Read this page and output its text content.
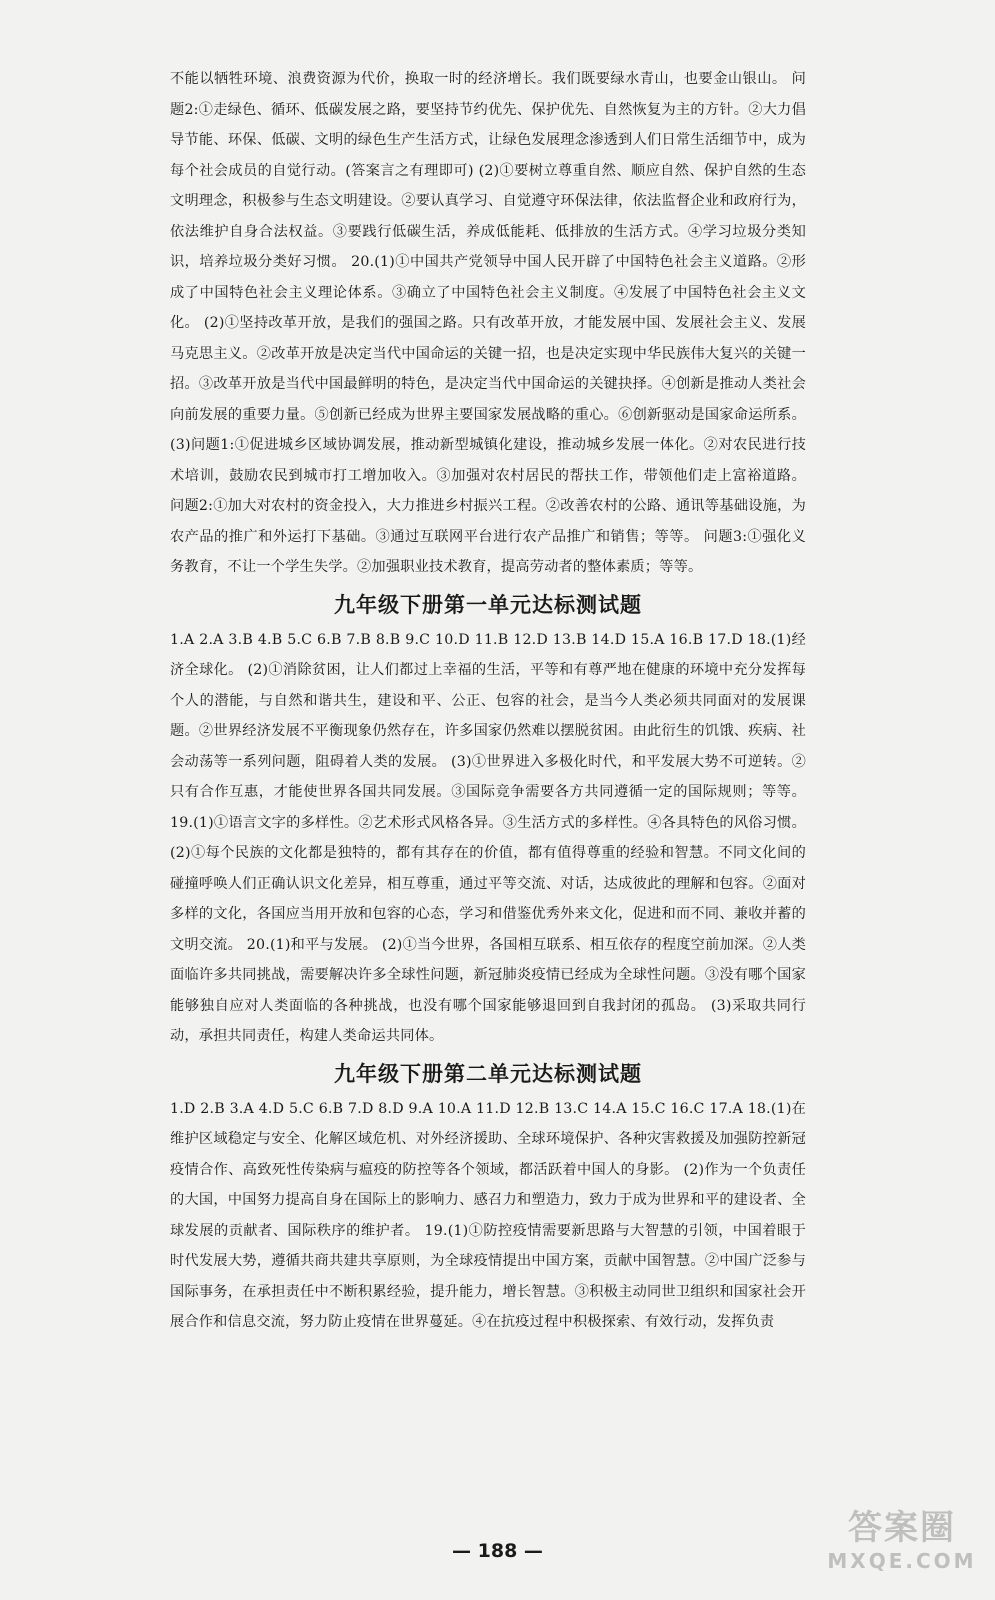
不能以牺牲环境、浪费资源为代价，换取一时的经济增长。我们既要绿水青山，也要金山银山。 问题2:①走绿色、循环、低碳发展之路，要坚持节约优先、保护优先、自然恢复为主的方针。②大力倡导节能、环保、低碳、文明的绿色生产生活方式，让绿色发展理念渗透到人们日常生活细节中，成为每个社会成员的自觉行动。(答案言之有理即可) (2)①要树立尊重自然、顺应自然、保护自然的生态文明理念，积极参与生态文明建设。②要认真学习、自觉遵守环保法律，依法监督企业和政府行为，依法维护自身合法权益。③要践行低碳生活，养成低能耗、低排放的生活方式。④学习垃圾分类知识，培养垃圾分类好习惯。 20.(1)①中国共产党领导中国人民开辟了中国特色社会主义道路。②形成了中国特色社会主义理论体系。③确立了中国特色社会主义制度。④发展了中国特色社会主义文化。 (2)①坚持改革开放，是我们的强国之路。只有改革开放，才能发展中国、发展社会主义、发展马克思主义。②改革开放是决定当代中国命运的关键一招，也是决定实现中华民族伟大复兴的关键一招。③改革开放是当代中国最鲜明的特色，是决定当代中国命运的关键抉择。④创新是推动人类社会向前发展的重要力量。⑤创新已经成为世界主要国家发展战略的重心。⑥创新驱动是国家命运所系。 (3)问题1:①促进城乡区域协调发展，推动新型城镇化建设，推动城乡发展一体化。②对农民进行技术培训，鼓励农民到城市打工增加收入。③加强对农村居民的帮扶工作，带领他们走上富裕道路。 问题2:①加大对农村的资金投入，大力推进乡村振兴工程。②改善农村的公路、通讯等基础设施，为农产品的推广和外运打下基础。③通过互联网平台进行农产品推广和销售；等等。 问题3:①强化义务教育，不让一个学生失学。②加强职业技术教育，提高劳动者的整体素质；等等。

九年级下册第一单元达标测试题

1.A 2.A 3.B 4.B 5.C 6.B 7.B 8.B 9.C 10.D 11.B 12.D 13.B 14.D 15.A 16.B 17.D 18.(1)经济全球化。 (2)①消除贫困，让人们都过上幸福的生活，平等和有尊严地在健康的环境中充分发挥每个人的潜能，与自然和谐共生，建设和平、公正、包容的社会，是当今人类必须共同面对的发展课题。②世界经济发展不平衡现象仍然存在，许多国家仍然难以摆脱贫困。由此衍生的饥饿、疾病、社会动荡等一系列问题，阻碍着人类的发展。 (3)①世界进入多极化时代，和平发展大势不可逆转。②只有合作互惠，才能使世界各国共同发展。③国际竞争需要各方共同遵循一定的国际规则；等等。 19.(1)①语言文字的多样性。②艺术形式风格各异。③生活方式的多样性。④各具特色的风俗习惯。(2)①每个民族的文化都是独特的，都有其存在的价值，都有值得尊重的经验和智慧。不同文化间的碰撞呼唤人们正确认识文化差异，相互尊重，通过平等交流、对话，达成彼此的理解和包容。②面对多样的文化，各国应当用开放和包容的心态，学习和借鉴优秀外来文化，促进和而不同、兼收并蓄的文明交流。 20.(1)和平与发展。 (2)①当今世界，各国相互联系、相互依存的程度空前加深。②人类面临许多共同挑战，需要解决许多全球性问题，新冠肺炎疫情已经成为全球性问题。③没有哪个国家能够独自应对人类面临的各种挑战，也没有哪个国家能够退回到自我封闭的孤岛。 (3)采取共同行动，承担共同责任，构建人类命运共同体。

九年级下册第二单元达标测试题

1.D 2.B 3.A 4.D 5.C 6.B 7.D 8.D 9.A 10.A 11.D 12.B 13.C 14.A 15.C 16.C 17.A 18.(1)在维护区域稳定与安全、化解区域危机、对外经济援助、全球环境保护、各种灾害救援及加强防控新冠疫情合作、高致死性传染病与瘟疫的防控等各个领域，都活跃着中国人的身影。 (2)作为一个负责任的大国，中国努力提高自身在国际上的影响力、感召力和塑造力，致力于成为世界和平的建设者、全球发展的贡献者、国际秩序的维护者。 19.(1)①防控疫情需要新思路与大智慧的引领，中国着眼于时代发展大势，遵循共商共建共享原则，为全球疫情提出中国方案，贡献中国智慧。②中国广泛参与国际事务，在承担责任中不断积累经验，提升能力，增长智慧。③积极主动同世卫组织和国家社会开展合作和信息交流，努力防止疫情在世界蔓延。④在抗疫过程中积极探索、有效行动，发挥负责

— 188 —
答案圈
MXQE.COM
